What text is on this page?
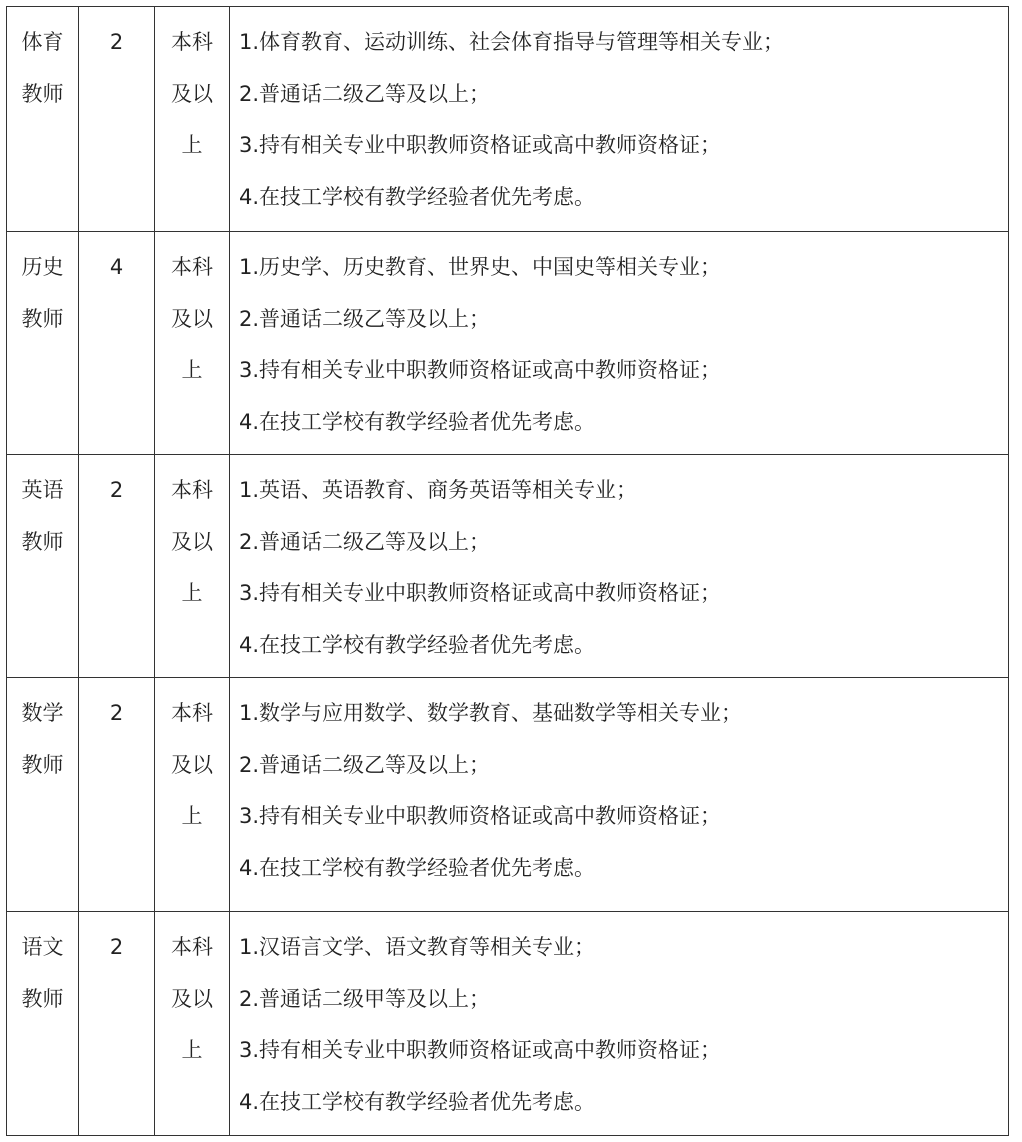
体育
教师	2	本科
及以
上	1.体育教育、运动训练、社会体育指导与管理等相关专业；
2.普通话二级乙等及以上；
3.持有相关专业中职教师资格证或高中教师资格证；
4.在技工学校有教学经验者优先考虑。

历史
教师	4	本科
及以
上	1.历史学、历史教育、世界史、中国史等相关专业；
2.普通话二级乙等及以上；
3.持有相关专业中职教师资格证或高中教师资格证；
4.在技工学校有教学经验者优先考虑。

英语
教师	2	本科
及以
上	1.英语、英语教育、商务英语等相关专业；
2.普通话二级乙等及以上；
3.持有相关专业中职教师资格证或高中教师资格证；
4.在技工学校有教学经验者优先考虑。

数学
教师	2	本科
及以
上	1.数学与应用数学、数学教育、基础数学等相关专业；
2.普通话二级乙等及以上；
3.持有相关专业中职教师资格证或高中教师资格证；
4.在技工学校有教学经验者优先考虑。

语文
教师	2	本科
及以
上	1.汉语言文学、语文教育等相关专业；
2.普通话二级甲等及以上；
3.持有相关专业中职教师资格证或高中教师资格证；
4.在技工学校有教学经验者优先考虑。
